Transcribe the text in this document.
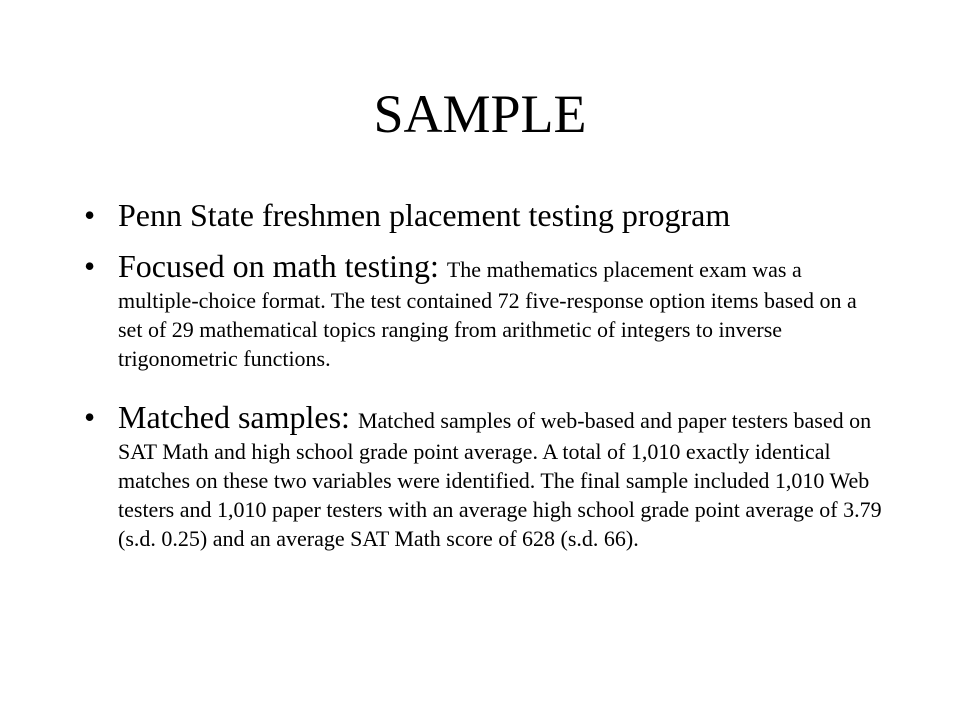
SAMPLE
• Penn State freshmen placement testing program
• Focused on math testing: The mathematics placement exam was a multiple-choice format. The test contained 72 five-response option items based on a set of 29 mathematical topics ranging from arithmetic of integers to inverse trigonometric functions.
• Matched samples: Matched samples of web-based and paper testers based on SAT Math and high school grade point average. A total of 1,010 exactly identical matches on these two variables were identified. The final sample included 1,010 Web testers and 1,010 paper testers with an average high school grade point average of 3.79 (s.d. 0.25) and an average SAT Math score of 628 (s.d. 66).
